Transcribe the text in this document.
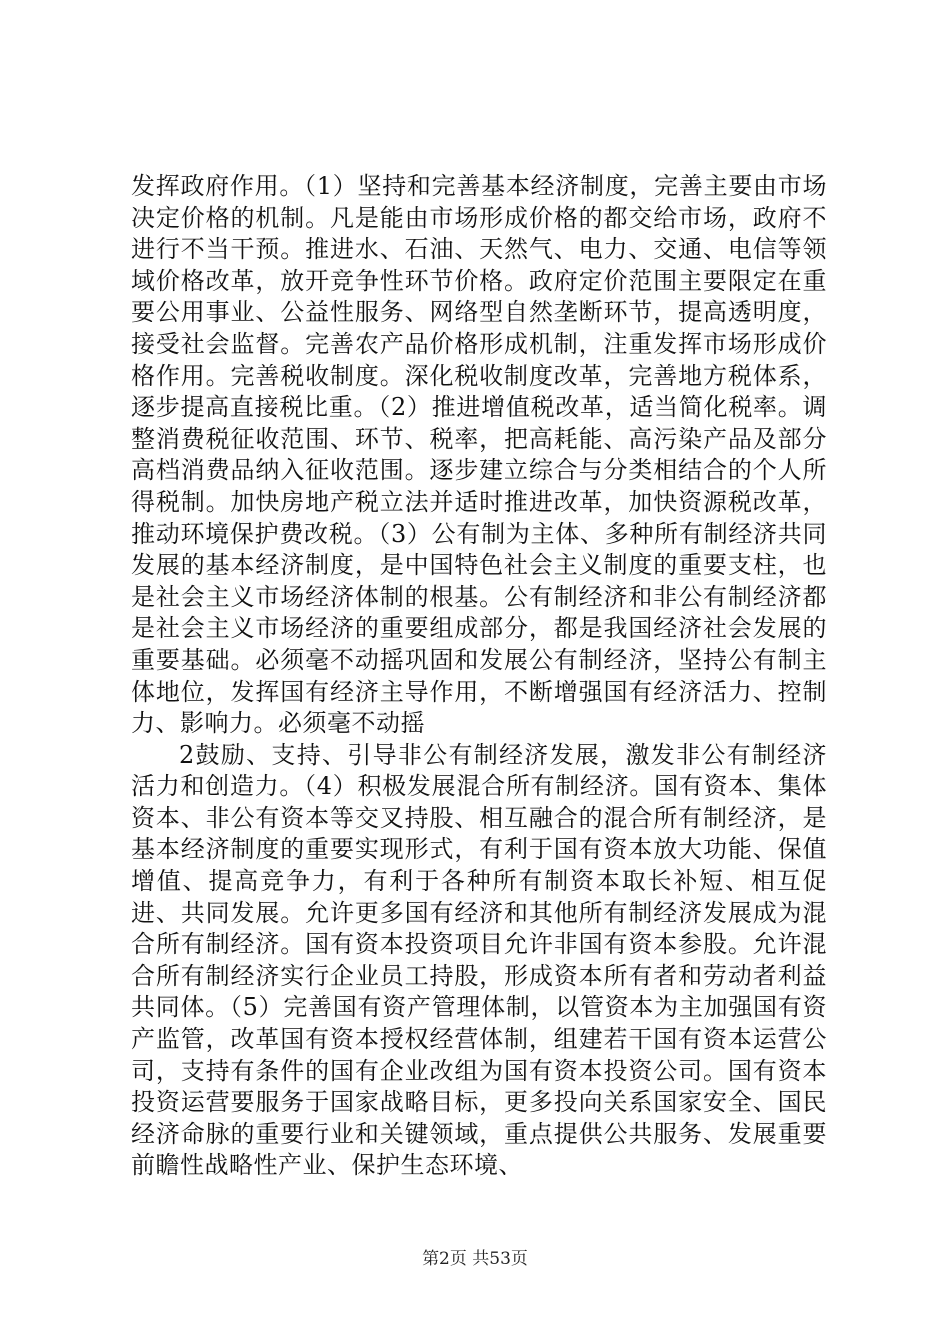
发挥政府作用。（1）坚持和完善基本经济制度，完善主要由市场决定价格的机制。凡是能由市场形成价格的都交给市场，政府不进行不当干预。推进水、石油、天然气、电力、交通、电信等领域价格改革，放开竞争性环节价格。政府定价范围主要限定在重要公用事业、公益性服务、网络型自然垄断环节，提高透明度，接受社会监督。完善农产品价格形成机制，注重发挥市场形成价格作用。完善税收制度。深化税收制度改革，完善地方税体系，逐步提高直接税比重。（2）推进增值税改革，适当简化税率。调整消费税征收范围、环节、税率，把高耗能、高污染产品及部分高档消费品纳入征收范围。逐步建立综合与分类相结合的个人所得税制。加快房地产税立法并适时推进改革，加快资源税改革，推动环境保护费改税。（3）公有制为主体、多种所有制经济共同发展的基本经济制度，是中国特色社会主义制度的重要支柱，也是社会主义市场经济体制的根基。公有制经济和非公有制经济都是社会主义市场经济的重要组成部分，都是我国经济社会发展的重要基础。必须毫不动摇巩固和发展公有制经济，坚持公有制主体地位，发挥国有经济主导作用，不断增强国有经济活力、控制力、影响力。必须毫不动摇

2鼓励、支持、引导非公有制经济发展，激发非公有制经济活力和创造力。（4）积极发展混合所有制经济。国有资本、集体资本、非公有资本等交叉持股、相互融合的混合所有制经济，是基本经济制度的重要实现形式，有利于国有资本放大功能、保值增值、提高竞争力，有利于各种所有制资本取长补短、相互促进、共同发展。允许更多国有经济和其他所有制经济发展成为混合所有制经济。国有资本投资项目允许非国有资本参股。允许混合所有制经济实行企业员工持股，形成资本所有者和劳动者利益共同体。（5）完善国有资产管理体制，以管资本为主加强国有资产监管，改革国有资本授权经营体制，组建若干国有资本运营公司，支持有条件的国有企业改组为国有资本投资公司。国有资本投资运营要服务于国家战略目标，更多投向关系国家安全、国民经济命脉的重要行业和关键领域，重点提供公共服务、发展重要前瞻性战略性产业、保护生态环境、

第2页 共53页
